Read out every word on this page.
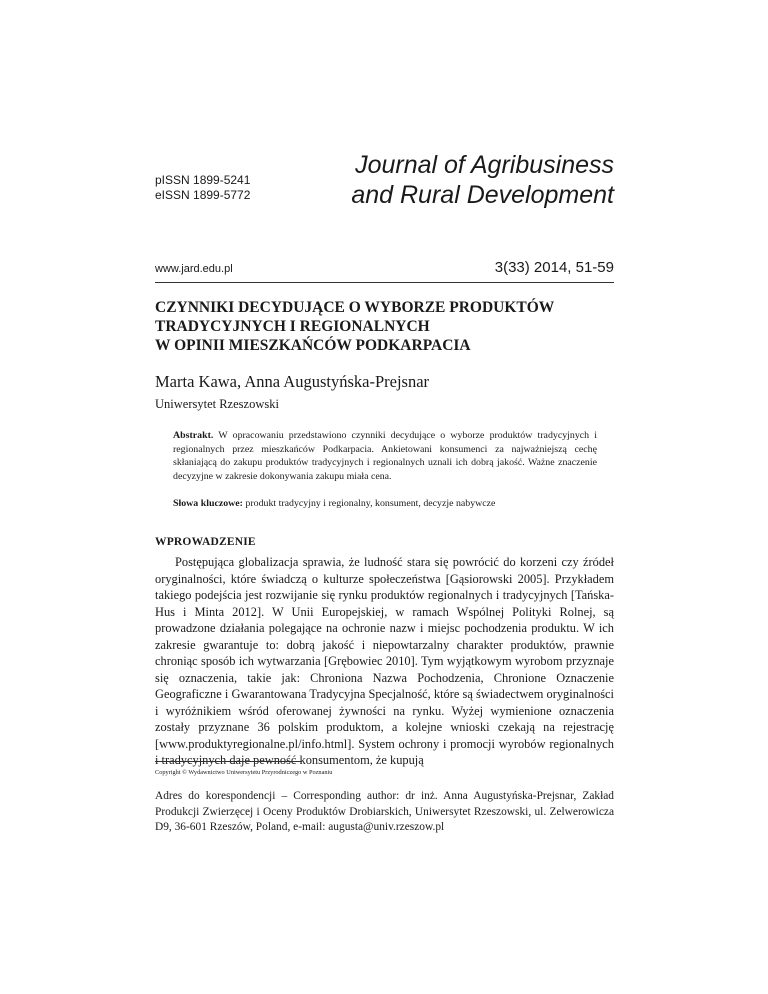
pISSN 1899-5241
eISSN 1899-5772
Journal of Agribusiness
and Rural Development
www.jard.edu.pl	3(33) 2014, 51-59
CZYNNIKI DECYDUJĄCE O WYBORZE PRODUKTÓW
TRADYCYJNYCH I REGIONALNYCH
W OPINII MIESZKAŃCÓW PODKARPACIA
Marta Kawa, Anna Augustyńska-Prejsnar
Uniwersytet Rzeszowski
Abstrakt. W opracowaniu przedstawiono czynniki decydujące o wyborze produktów tradycyjnych i regionalnych przez mieszkańców Podkarpacia. Ankietowani konsumenci za najważniejszą cechę skłaniającą do zakupu produktów tradycyjnych i regionalnych uznali ich dobrą jakość. Ważne znaczenie decyzyjne w zakresie dokonywania zakupu miała cena.
Słowa kluczowe: produkt tradycyjny i regionalny, konsument, decyzje nabywcze
WPROWADZENIE
Postępująca globalizacja sprawia, że ludność stara się powrócić do korzeni czy źródeł oryginalności, które świadczą o kulturze społeczeństwa [Gąsiorowski 2005]. Przykładem takiego podejścia jest rozwijanie się rynku produktów regionalnych i tradycyjnych [Tańska-Hus i Minta 2012]. W Unii Europejskiej, w ramach Wspólnej Polityki Rolnej, są prowadzone działania polegające na ochronie nazw i miejsc pochodzenia produktu. W ich zakresie gwarantuje to: dobrą jakość i niepowtarzalny charakter produktów, prawnie chroniąc sposób ich wytwarzania [Grębowiec 2010]. Tym wyjątkowym wyrobom przyznaje się oznaczenia, takie jak: Chroniona Nazwa Pochodzenia, Chronione Oznaczenie Geograficzne i Gwarantowana Tradycyjna Specjalność, które są świadectwem oryginalności i wyróżnikiem wśród oferowanej żywności na rynku. Wyżej wymienione oznaczenia zostały przyznane 36 polskim produktom, a kolejne wnioski czekają na rejestrację [www.produktyregionalne.pl/info.html]. System ochrony i promocji wyrobów regionalnych i tradycyjnych daje pewność konsumentom, że kupują
Copyright © Wydawnictwo Uniwersytetu Przyrodniczego w Poznaniu
Adres do korespondencji – Corresponding author: dr inż. Anna Augustyńska-Prejsnar, Zakład Produkcji Zwierzęcej i Oceny Produktów Drobiarskich, Uniwersytet Rzeszowski, ul. Zelwerowicza D9, 36-601 Rzeszów, Poland, e-mail: augusta@univ.rzeszow.pl
